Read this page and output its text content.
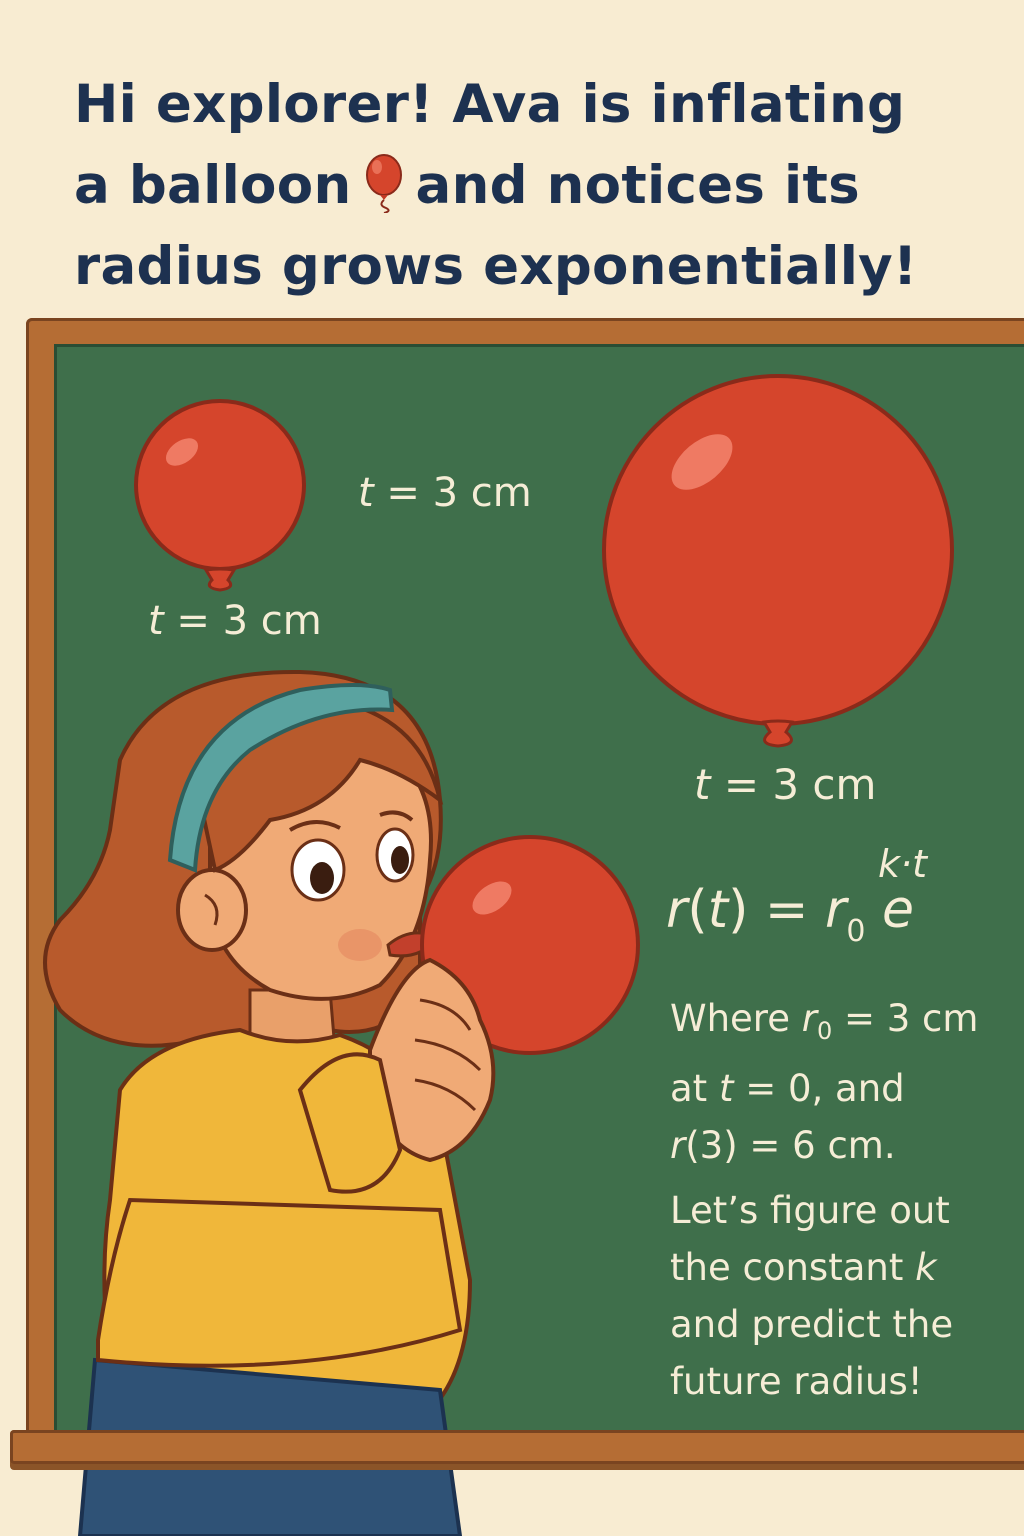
Hi explorer! Ava is inflating
a balloon and notices its
radius grows exponentially!
t = 3 cm
t = 3 cm
t = 3 cm
k·t
$r(t) = r_0$ e
Where $r_0 = 3$ cm
at t = 0, and
r(3) = 6 cm.
Let’s figure out
the constant k
and predict the
future radius!
